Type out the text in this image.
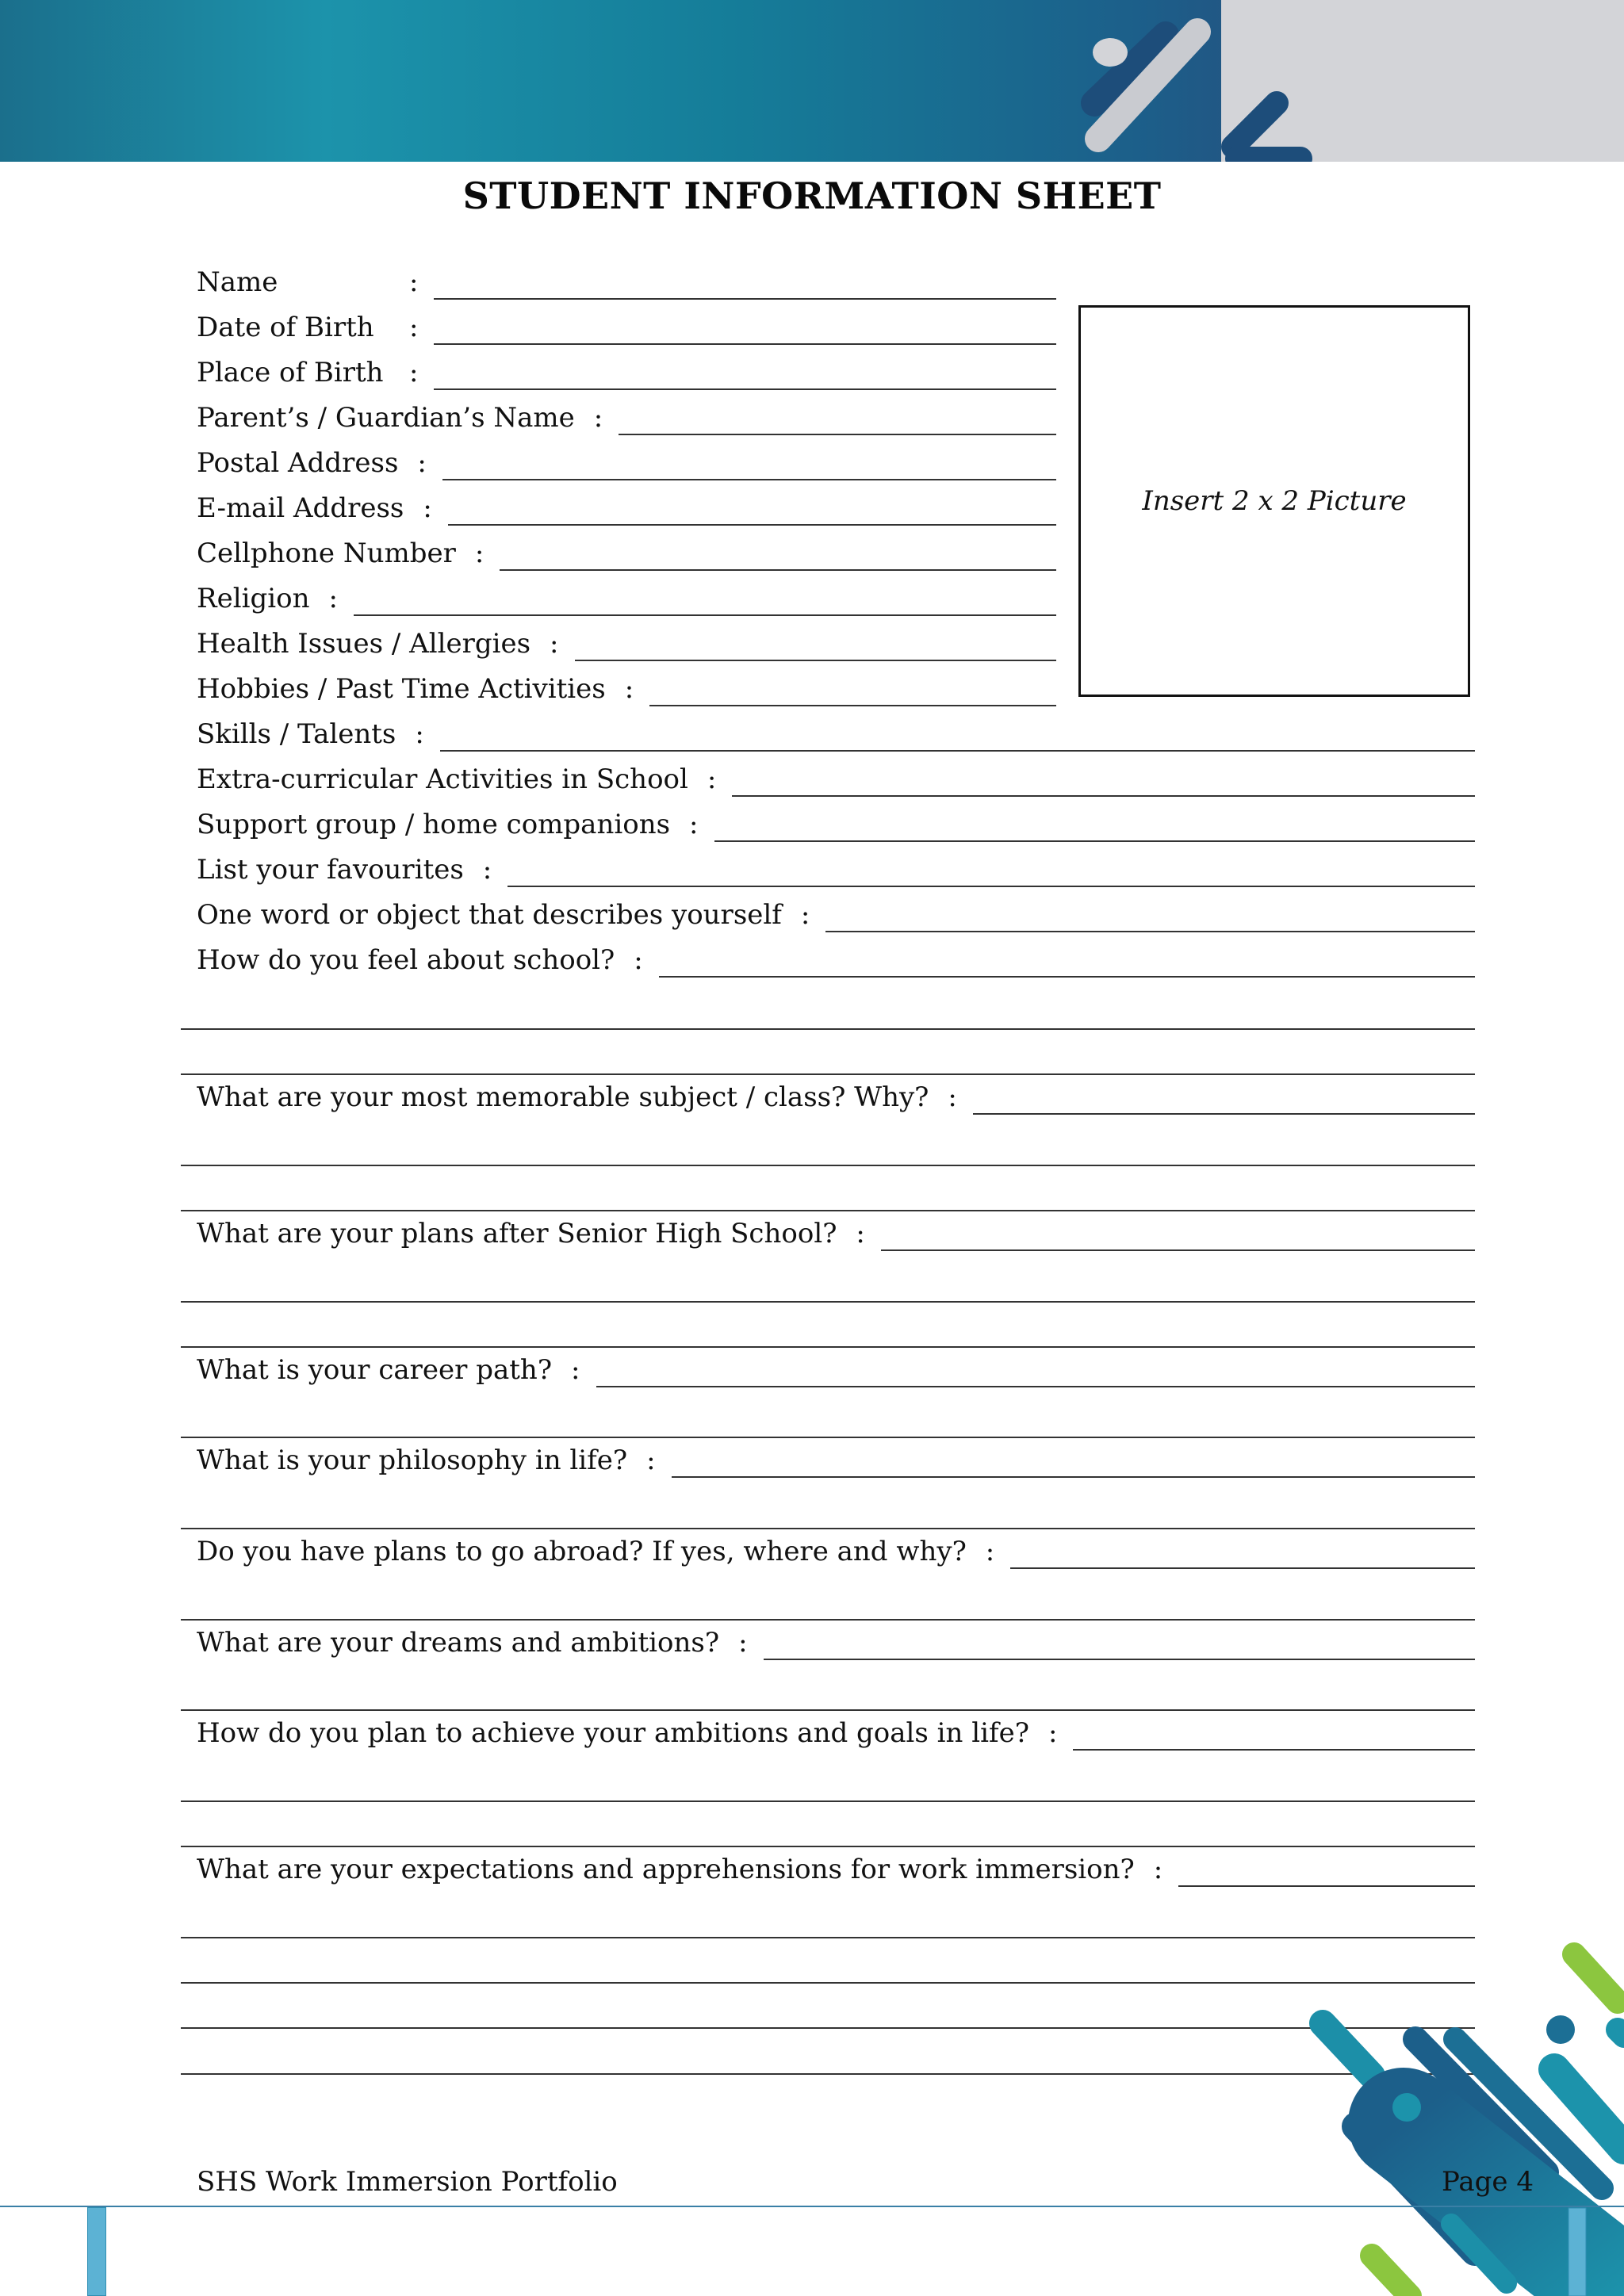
STUDENT INFORMATION SHEET
Insert 2 x 2 Picture
Name	:
Date of Birth	:
Place of Birth :
Parent’s / Guardian’s Name :
Postal Address :
E-mail Address :
Cellphone Number :
Religion :
Health Issues / Allergies :
Hobbies / Past Time Activities :
Skills / Talents :
Extra-curricular Activities in School :
Support group / home companions :
List your favourites :
One word or object that describes yourself :
How do you feel about school? :
What are your most memorable subject / class? Why? :
What are your plans after Senior High School? :
What is your career path? :
What is your philosophy in life? :
Do you have plans to go abroad? If yes, where and why? :
What are your dreams and ambitions? :
How do you plan to achieve your ambitions and goals in life? :
What are your expectations and apprehensions for work immersion? :
SHS Work Immersion Portfolio	Page 4
